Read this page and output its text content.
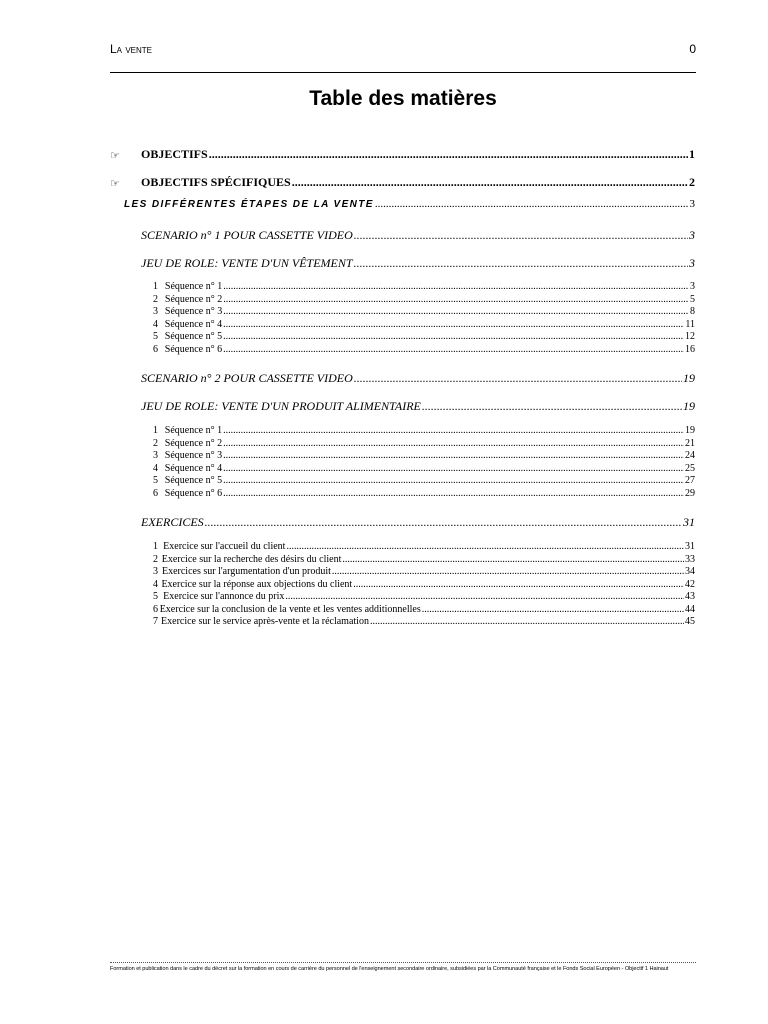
La vente	0
Table des matières
☞ OBJECTIFS .....	1
☞ OBJECTIFS SPÉCIFIQUES .....	2
LES DIFFÉRENTES ÉTAPES DE LA VENTE .....	3
SCENARIO n° 1 POUR CASSETTE VIDEO .....	3
JEU DE ROLE: VENTE D'UN VÊTEMENT .....	3
1 Séquence n° 1 .....	3
2 Séquence n° 2 .....	5
3 Séquence n° 3 .....	8
4 Séquence n° 4 .....	11
5 Séquence n° 5 .....	12
6 Séquence n° 6 .....	16
SCENARIO n° 2 POUR CASSETTE VIDEO .....	19
JEU DE ROLE: VENTE D'UN PRODUIT ALIMENTAIRE .....	19
1 Séquence n° 1 .....	19
2 Séquence n° 2 .....	21
3 Séquence n° 3 .....	24
4 Séquence n° 4 .....	25
5 Séquence n° 5 .....	27
6 Séquence n° 6 .....	29
EXERCICES .....	31
1 Exercice sur l'accueil du client .....	31
2 Exercice sur la recherche des désirs du client .....	33
3 Exercices sur l'argumentation d'un produit .....	34
4 Exercice sur la réponse aux objections du client .....	42
5 Exercice sur l'annonce du prix .....	43
6 Exercice sur la conclusion de la vente et les ventes additionnelles .....	44
7 Exercice sur le service après-vente et la réclamation .....	45
Formation et publication dans le cadre du décret sur la formation en cours de carrière du personnel de l'enseignement secondaire ordinaire, subsidiées par la Communauté française et le Fonds Social Européen - Objectif 1 Hainaut
